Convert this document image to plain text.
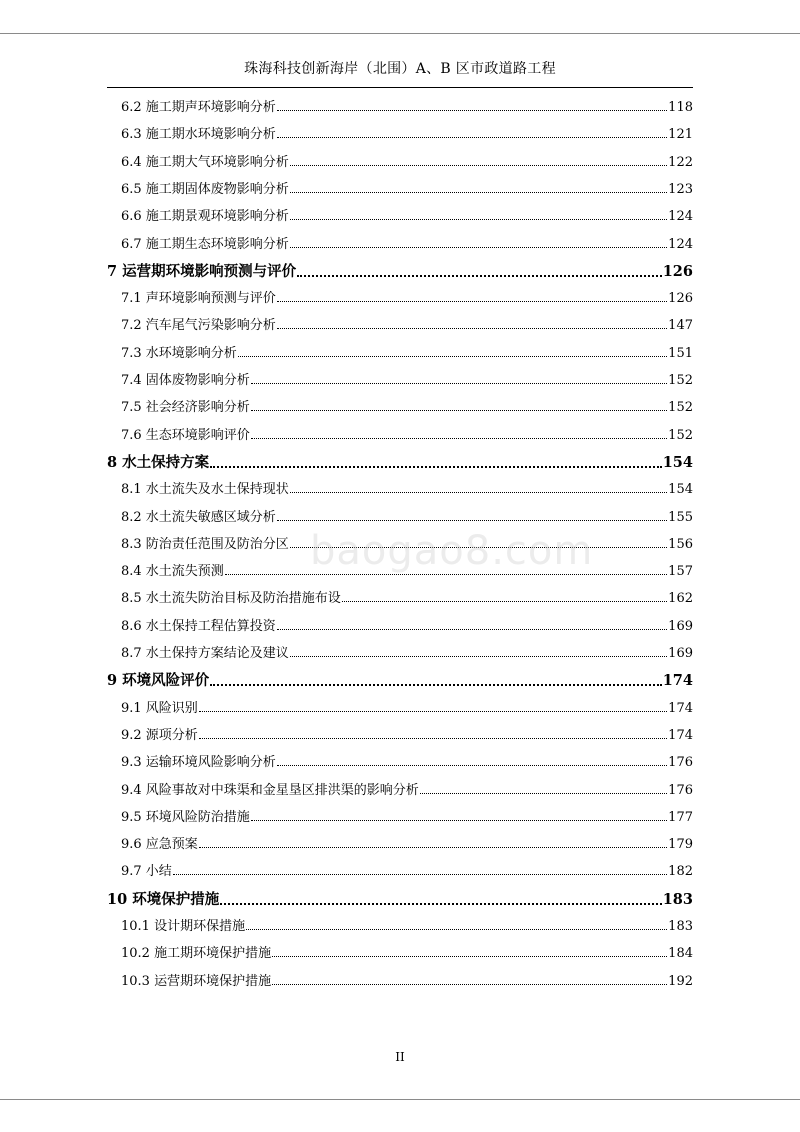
珠海科技创新海岸（北围）A、B 区市政道路工程
6.2 施工期声环境影响分析	118
6.3 施工期水环境影响分析	121
6.4 施工期大气环境影响分析	122
6.5 施工期固体废物影响分析	123
6.6 施工期景观环境影响分析	124
6.7 施工期生态环境影响分析	124
7 运营期环境影响预测与评价	126
7.1 声环境影响预测与评价	126
7.2 汽车尾气污染影响分析	147
7.3 水环境影响分析	151
7.4 固体废物影响分析	152
7.5 社会经济影响分析	152
7.6 生态环境影响评价	152
8 水土保持方案	154
8.1 水土流失及水土保持现状	154
8.2 水土流失敏感区域分析	155
8.3 防治责任范围及防治分区	156
8.4 水土流失预测	157
8.5 水土流失防治目标及防治措施布设	162
8.6 水土保持工程估算投资	169
8.7 水土保持方案结论及建议	169
9 环境风险评价	174
9.1 风险识别	174
9.2 源项分析	174
9.3 运输环境风险影响分析	176
9.4 风险事故对中珠渠和金星垦区排洪渠的影响分析	176
9.5 环境风险防治措施	177
9.6 应急预案	179
9.7 小结	182
10 环境保护措施	183
10.1 设计期环保措施	183
10.2 施工期环境保护措施	184
10.3 运营期环境保护措施	192
baogao8.com
II
